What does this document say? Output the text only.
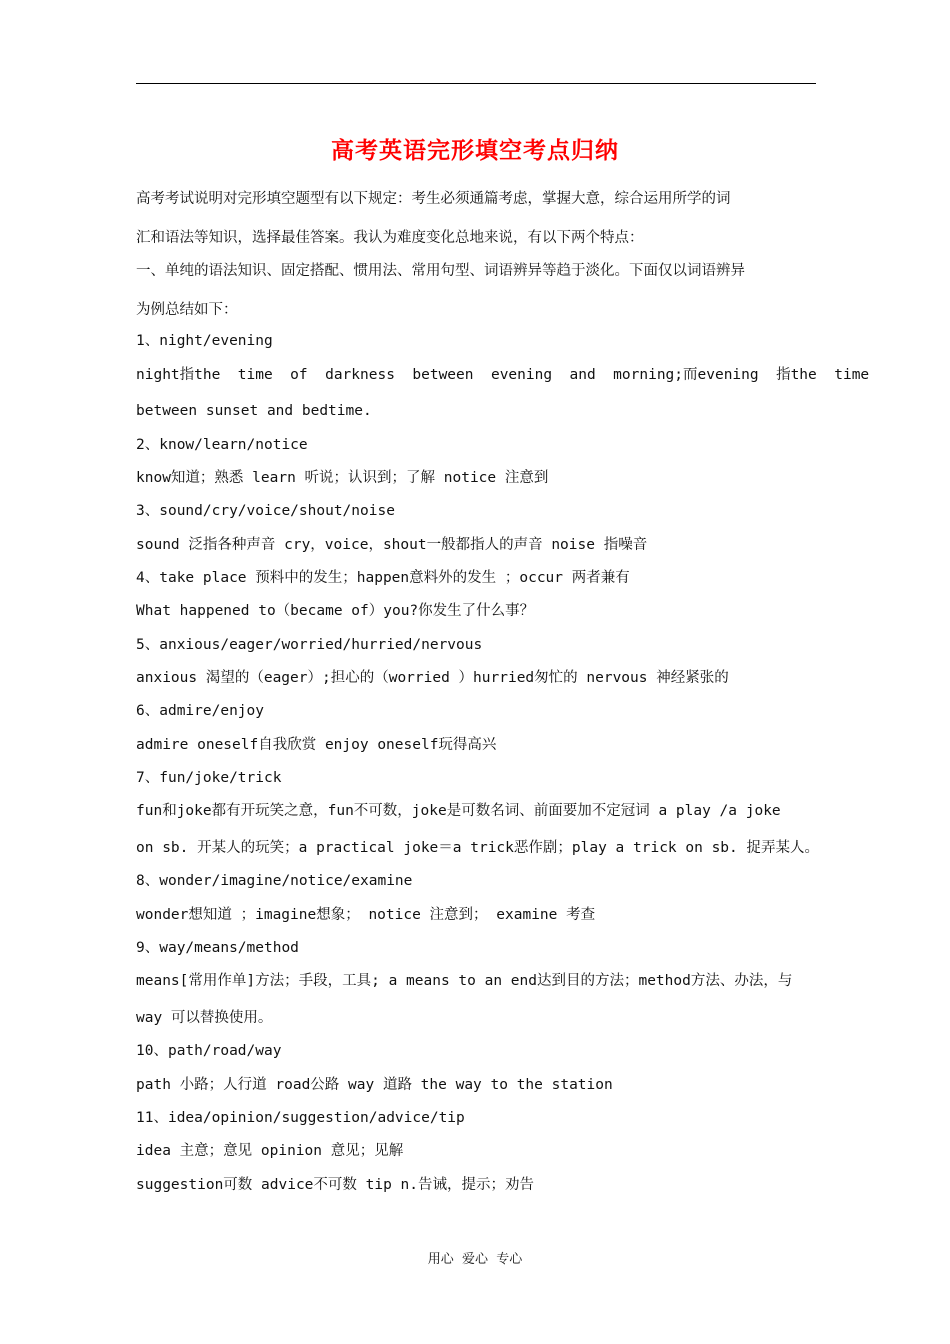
高考英语完形填空考点归纳
高考考试说明对完形填空题型有以下规定：考生必须通篇考虑，掌握大意，综合运用所学的词
汇和语法等知识，选择最佳答案。我认为难度变化总地来说，有以下两个特点：
一、单纯的语法知识、固定搭配、惯用法、常用句型、词语辨异等趋于淡化。下面仅以词语辨异
为例总结如下：
1、night/evening
night指the  time  of  darkness  between  evening  and  morning;而evening  指the  time
between sunset and bedtime.
2、know/learn/notice
know知道；熟悉 learn 听说；认识到；了解 notice 注意到
3、sound/cry/voice/shout/noise
sound 泛指各种声音 cry，voice，shout一般都指人的声音 noise 指噪音
4、take place 预料中的发生；happen意料外的发生 ；occur 两者兼有
What happened to（became of）you?你发生了什么事？
5、anxious/eager/worried/hurried/nervous
anxious 渴望的（eager）;担心的（worried ）hurried匆忙的 nervous 神经紧张的
6、admire/enjoy
admire oneself自我欣赏 enjoy oneself玩得高兴
7、fun/joke/trick
fun和joke都有开玩笑之意，fun不可数，joke是可数名词、前面要加不定冠词 a play /a joke
on sb. 开某人的玩笑；a practical joke＝a trick恶作剧；play a trick on sb. 捉弄某人。
8、wonder/imagine/notice/examine
wonder想知道 ；imagine想象； notice 注意到； examine 考查
9、way/means/method
means[常用作单]方法；手段，工具; a means to an end达到目的方法；method方法、办法，与
way 可以替换使用。
10、path/road/way
path 小路；人行道 road公路 way 道路 the way to the station
11、idea/opinion/suggestion/advice/tip
idea 主意；意见 opinion 意见；见解
suggestion可数 advice不可数 tip n.告诫，提示；劝告
用心  爱心  专心
